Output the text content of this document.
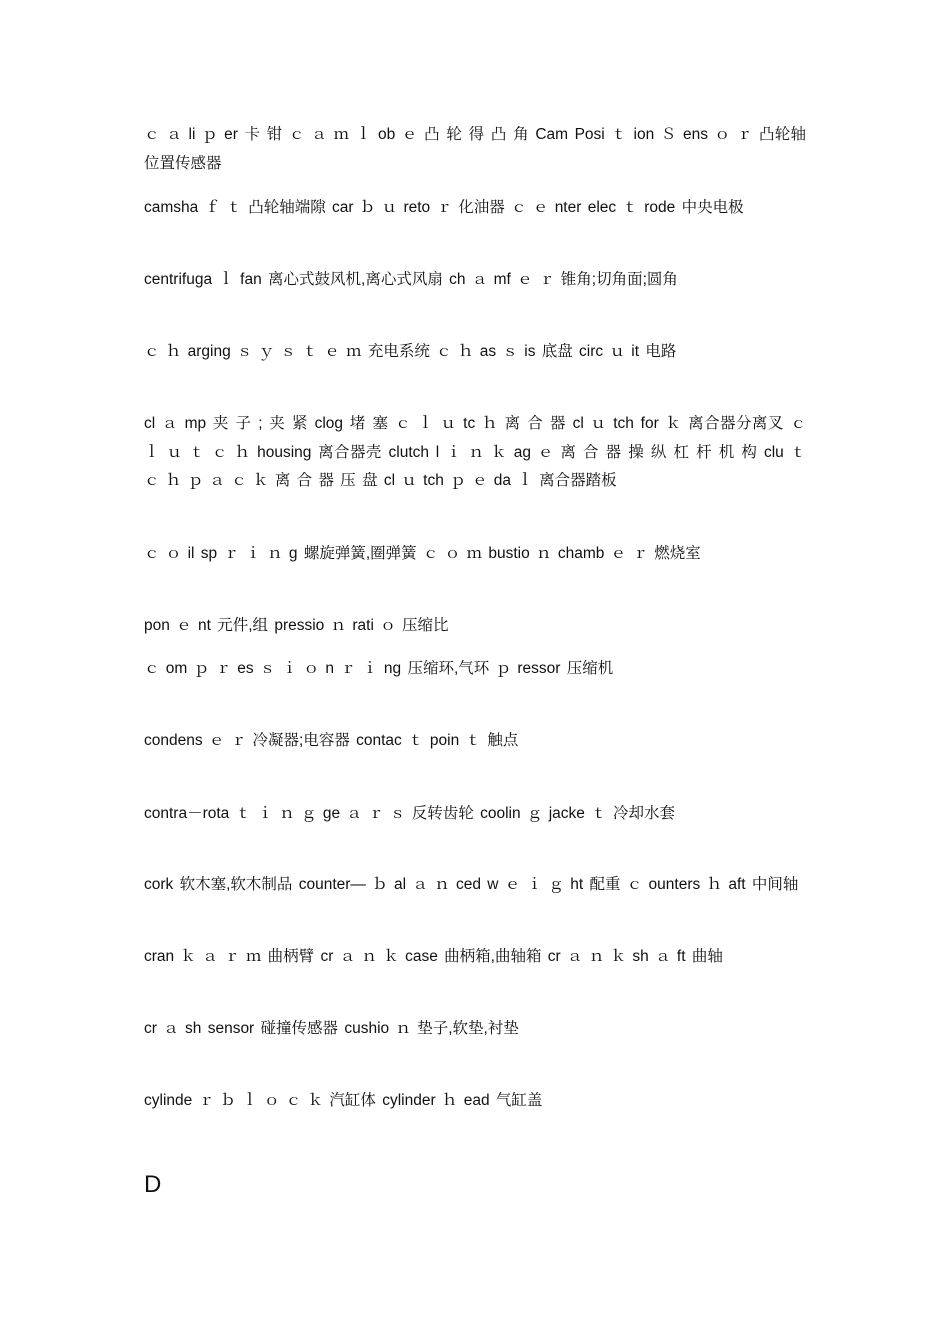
ｃ ａ li ｐ er 卡 钳 ｃ ａ ｍ ｌ ob ｅ 凸 轮 得 凸 角 Cam Posi ｔ ion Ｓ ens ｏ ｒ 凸轮轴位置传感器

camsha ｆ ｔ 凸轮轴端隙 car ｂ ｕ reto ｒ 化油器 ｃ ｅ nter elec ｔ rode 中央电极

centrifuga ｌ fan 离心式鼓风机,离心式风扇 ch ａ mf ｅ ｒ 锥角;切角面;圆角

ｃ ｈ arging ｓ ｙ ｓ ｔ ｅ ｍ 充电系统 ｃ ｈ as ｓ is 底盘 circ ｕ it 电路

cl ａ mp 夹 子 ; 夹 紧 clog 堵 塞 ｃ ｌ ｕ tc ｈ 离 合 器 cl ｕ tch for ｋ 离合器分离叉 ｃ ｌ ｕ ｔ ｃ ｈ housing 离合器壳 clutch l ｉ ｎ ｋ ag ｅ 离 合 器 操 纵 杠 杆 机 构 clu ｔ ｃ ｈ ｐ ａ ｃ ｋ 离 合 器 压 盘 cl ｕ tch ｐ ｅ da ｌ 离合器踏板

ｃ ｏ il sp ｒ ｉ ｎ g 螺旋弹簧,圈弹簧 ｃ ｏ ｍ bustio ｎ chamb ｅ ｒ 燃烧室

pon ｅ nt 元件,组 pressio ｎ rati ｏ 压缩比

ｃ om ｐ ｒ es ｓ ｉ ｏ n ｒ ｉ ng 压缩环,气环 ｐ ressor 压缩机

condens ｅ ｒ 冷凝器;电容器 contac ｔ poin ｔ 触点

contra－rota ｔ ｉ ｎ ｇ ge ａ ｒ ｓ 反转齿轮 coolin ｇ jacke ｔ 冷却水套

cork 软木塞,软木制品 counter— ｂ al ａ ｎ ced w ｅ ｉ ｇ ht 配重 ｃ ounters ｈ aft 中间轴

cran ｋ ａ ｒ ｍ 曲柄臂 cr ａ ｎ ｋ case 曲柄箱,曲轴箱 cr ａ ｎ ｋ sh ａ ft 曲轴

cr ａ sh sensor 碰撞传感器 cushio ｎ 垫子,软垫,衬垫

cylinde ｒ ｂ ｌ ｏ ｃ ｋ 汽缸体 cylinder ｈ ead 气缸盖

D
